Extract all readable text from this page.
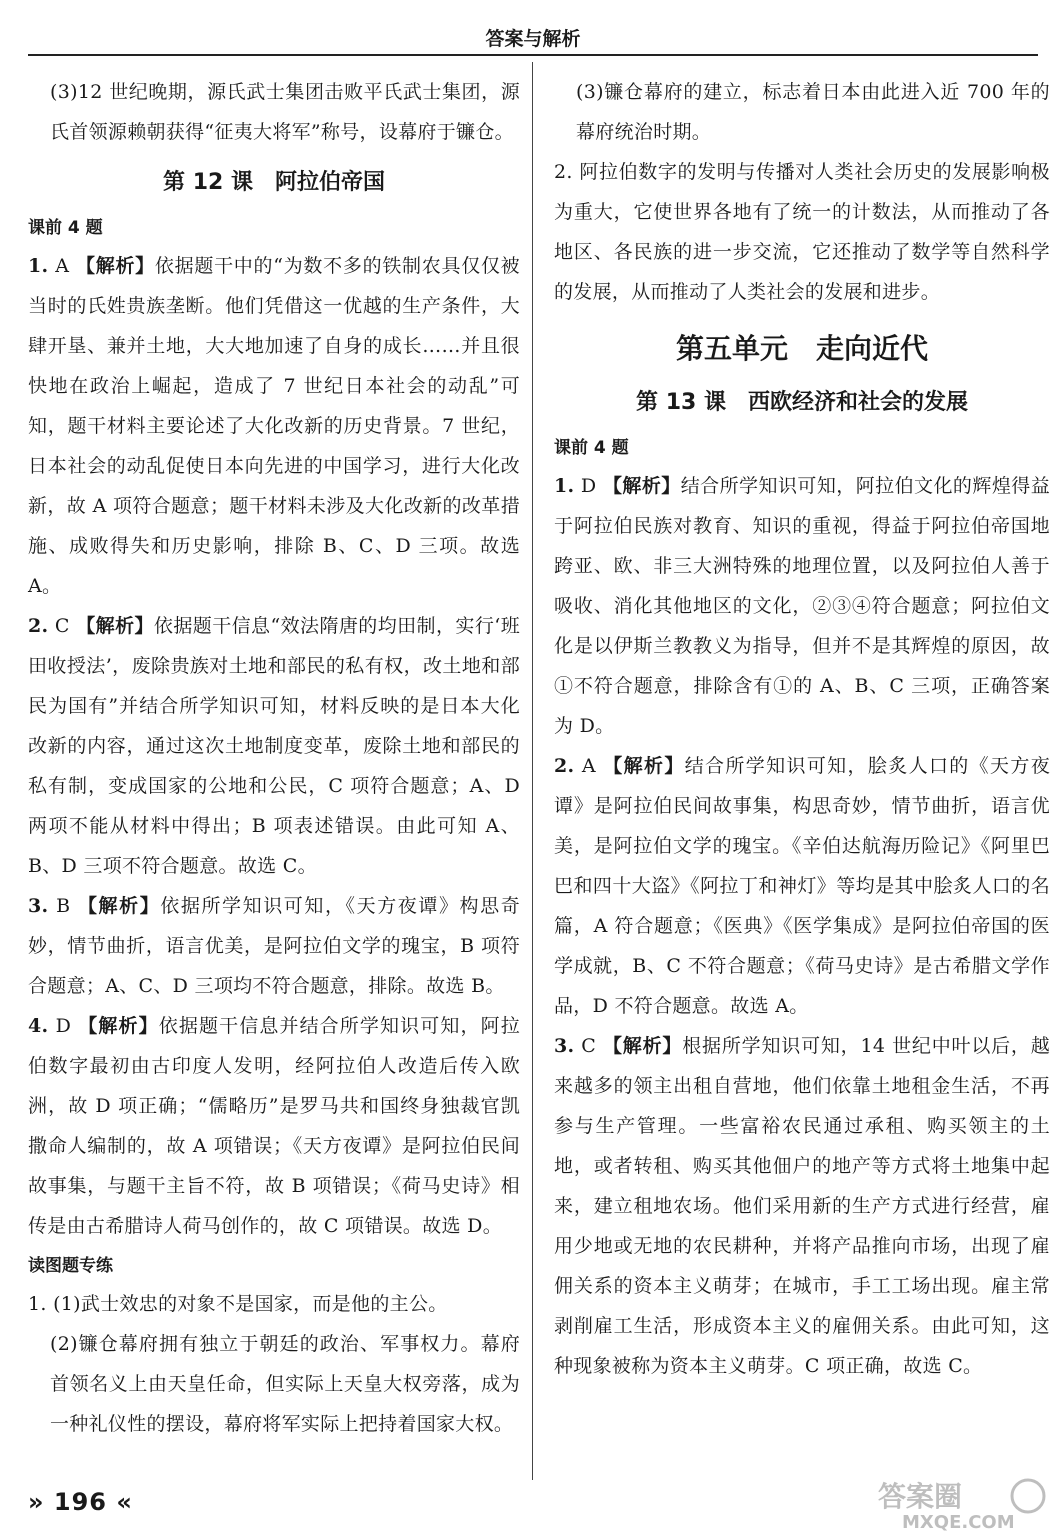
答案与解析

(3)12 世纪晚期，源氏武士集团击败平氏武士集团，源氏首领源赖朝获得“征夷大将军”称号，设幕府于镰仓。

第 12 课　阿拉伯帝国
课前 4 题

1. A 【解析】依据题干中的“为数不多的铁制农具仅仅被当时的氏姓贵族垄断。他们凭借这一优越的生产条件，大肆开垦、兼并土地，大大地加速了自身的成长……并且很快地在政治上崛起，造成了 7 世纪日本社会的动乱”可知，题干材料主要论述了大化改新的历史背景。7 世纪，日本社会的动乱促使日本向先进的中国学习，进行大化改新，故 A 项符合题意；题干材料未涉及大化改新的改革措施、成败得失和历史影响，排除 B、C、D 三项。故选 A。

2. C 【解析】依据题干信息“效法隋唐的均田制，实行‘班田收授法’，废除贵族对土地和部民的私有权，改土地和部民为国有”并结合所学知识可知，材料反映的是日本大化改新的内容，通过这次土地制度变革，废除土地和部民的私有制，变成国家的公地和公民，C 项符合题意；A、D 两项不能从材料中得出；B 项表述错误。由此可知 A、B、D 三项不符合题意。故选 C。

3. B 【解析】依据所学知识可知，《天方夜谭》构思奇妙，情节曲折，语言优美，是阿拉伯文学的瑰宝，B 项符合题意；A、C、D 三项均不符合题意，排除。故选 B。

4. D 【解析】依据题干信息并结合所学知识可知，阿拉伯数字最初由古印度人发明，经阿拉伯人改造后传入欧洲，故 D 项正确；“儒略历”是罗马共和国终身独裁官凯撒命人编制的，故 A 项错误；《天方夜谭》是阿拉伯民间故事集，与题干主旨不符，故 B 项错误；《荷马史诗》相传是由古希腊诗人荷马创作的，故 C 项错误。故选 D。

读图题专练

1. (1)武士效忠的对象不是国家，而是他的主公。

(2)镰仓幕府拥有独立于朝廷的政治、军事权力。幕府首领名义上由天皇任命，但实际上天皇大权旁落，成为一种礼仪性的摆设，幕府将军实际上把持着国家大权。

(3)镰仓幕府的建立，标志着日本由此进入近 700 年的幕府统治时期。

2. 阿拉伯数字的发明与传播对人类社会历史的发展影响极为重大，它使世界各地有了统一的计数法，从而推动了各地区、各民族的进一步交流，它还推动了数学等自然科学的发展，从而推动了人类社会的发展和进步。

第五单元　走向近代
第 13 课　西欧经济和社会的发展
课前 4 题

1. D 【解析】结合所学知识可知，阿拉伯文化的辉煌得益于阿拉伯民族对教育、知识的重视，得益于阿拉伯帝国地跨亚、欧、非三大洲特殊的地理位置，以及阿拉伯人善于吸收、消化其他地区的文化，②③④符合题意；阿拉伯文化是以伊斯兰教教义为指导，但并不是其辉煌的原因，故①不符合题意，排除含有①的 A、B、C 三项，正确答案为 D。

2. A 【解析】结合所学知识可知，脍炙人口的《天方夜谭》是阿拉伯民间故事集，构思奇妙，情节曲折，语言优美，是阿拉伯文学的瑰宝。《辛伯达航海历险记》《阿里巴巴和四十大盗》《阿拉丁和神灯》等均是其中脍炙人口的名篇，A 符合题意；《医典》《医学集成》是阿拉伯帝国的医学成就，B、C 不符合题意；《荷马史诗》是古希腊文学作品，D 不符合题意。故选 A。

3. C 【解析】根据所学知识可知，14 世纪中叶以后，越来越多的领主出租自营地，他们依靠土地租金生活，不再参与生产管理。一些富裕农民通过承租、购买领主的土地，或者转租、购买其他佃户的地产等方式将土地集中起来，建立租地农场。他们采用新的生产方式进行经营，雇用少地或无地的农民耕种，并将产品推向市场，出现了雇佣关系的资本主义萌芽；在城市，手工工场出现。雇主常剥削雇工生活，形成资本主义的雇佣关系。由此可知，这种现象被称为资本主义萌芽。C 项正确，故选 C。

» 196 «	答案圈
MXQE.COM
